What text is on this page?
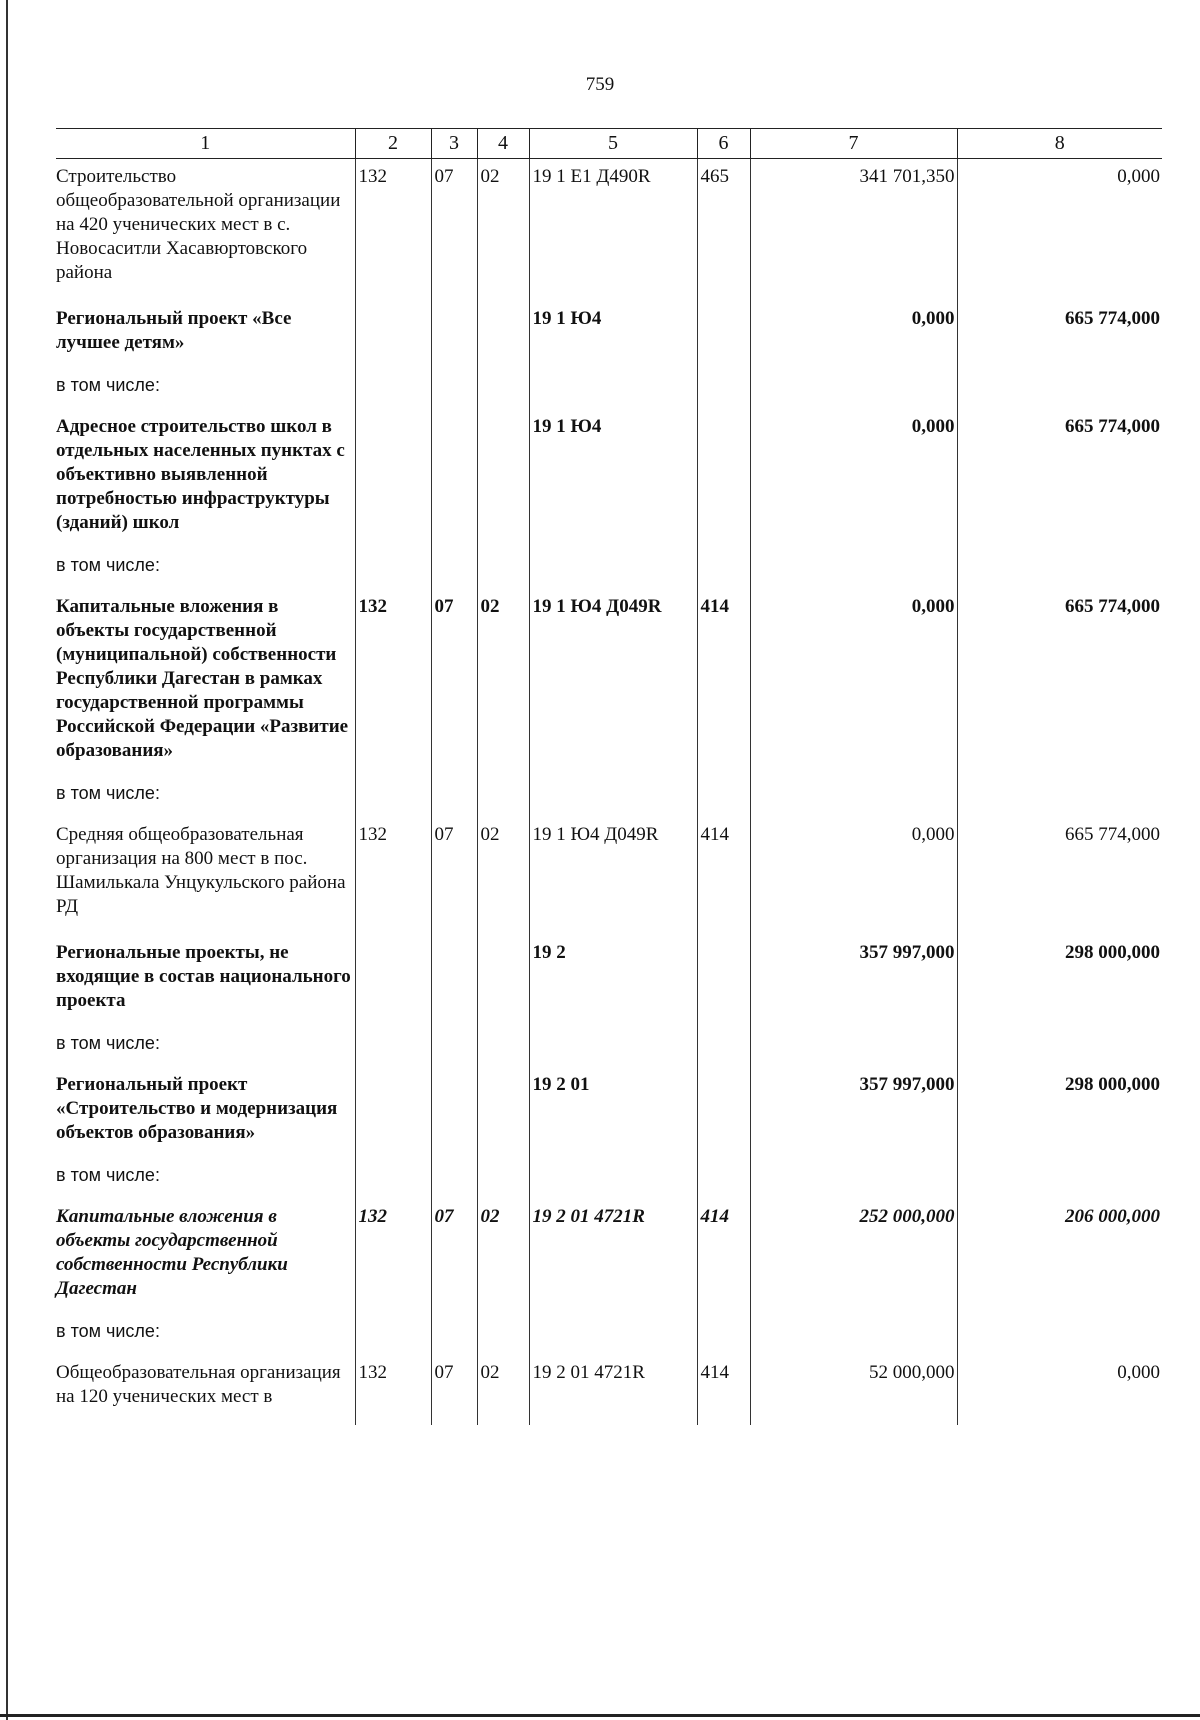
759
1	2	3	4	5	6	7	8
Строительство общеобразовательной организации на 420 ученических мест в с. Новосаситли Хасавюртовского района	132	07	02	19 1 Е1 Д490R	465	341 701,350	0,000
Региональный проект «Все лучшее детям»				19 1 Ю4		0,000	665 774,000
в том числе:							
Адресное строительство школ в отдельных населенных пунктах с объективно выявленной потребностью инфраструктуры (зданий) школ				19 1 Ю4		0,000	665 774,000
в том числе:							
Капитальные вложения в объекты государственной (муниципальной) собственности Республики Дагестан в рамках государственной программы Российской Федерации «Развитие образования»	132	07	02	19 1 Ю4 Д049R	414	0,000	665 774,000
в том числе:							
Средняя общеобразовательная организация на 800 мест в пос. Шамилькала Унцукульского района РД	132	07	02	19 1 Ю4 Д049R	414	0,000	665 774,000
Региональные проекты, не входящие в состав национального проекта				19 2		357 997,000	298 000,000
в том числе:							
Региональный проект «Строительство и модернизация объектов образования»				19 2 01		357 997,000	298 000,000
в том числе:							
Капитальные вложения в объекты государственной собственности Республики Дагестан	132	07	02	19 2 01 4721R	414	252 000,000	206 000,000
в том числе:							
Общеобразовательная организация на 120 ученических мест в	132	07	02	19 2 01 4721R	414	52 000,000	0,000
